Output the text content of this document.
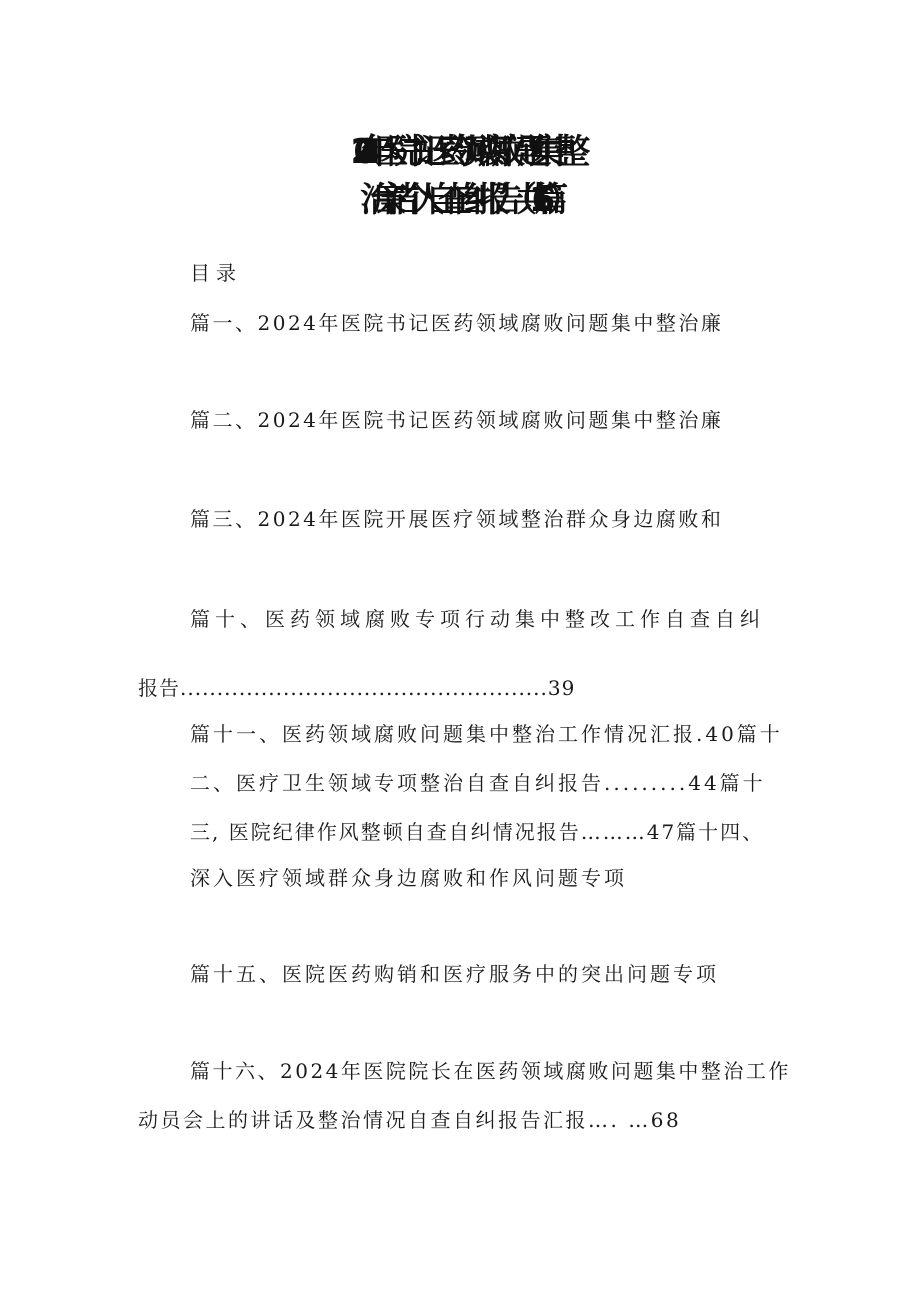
2024年医院书记医药领域腐败问题集中整
治廉洁个人自查自纠报告（共16篇）
目录
篇一、2024年医院书记医药领域腐败问题集中整治廉
篇二、2024年医院书记医药领域腐败问题集中整治廉
篇三、2024年医院开展医疗领域整治群众身边腐败和
篇十、医药领域腐败专项行动集中整改工作自查自纠
报告..................................................39
篇十一、医药领域腐败问题集中整治工作情况汇报.40篇十
二、医疗卫生领域专项整治自查自纠报告.........44篇十
三, 医院纪律作风整顿自查自纠情况报告………47篇十四、
深入医疗领域群众身边腐败和作风问题专项
篇十五、医院医药购销和医疗服务中的突出问题专项
篇十六、2024年医院院长在医药领域腐败问题集中整治工作
动员会上的讲话及整治情况自查自纠报告汇报…. …68
